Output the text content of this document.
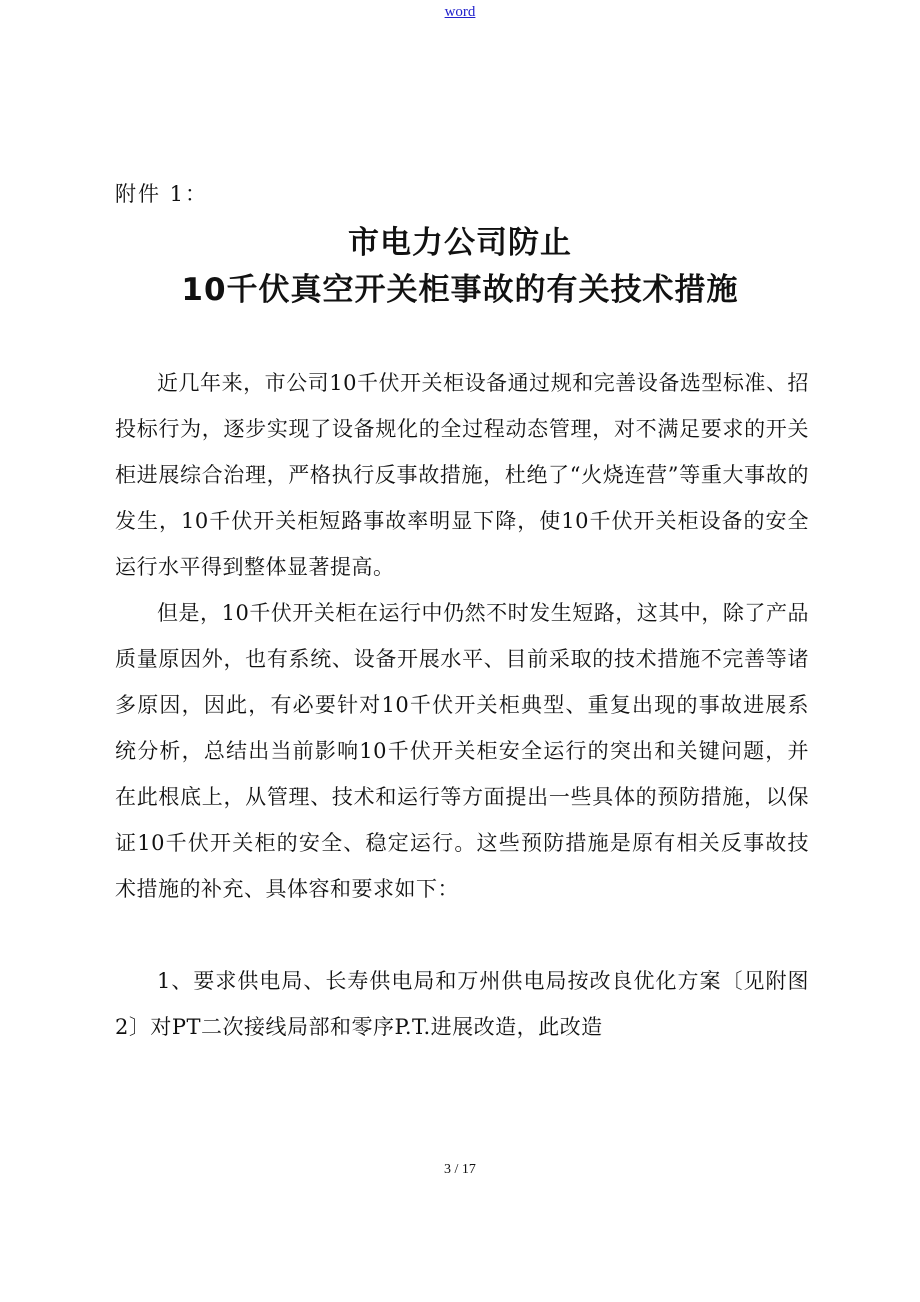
word
附件 1：
市电力公司防止
10千伏真空开关柜事故的有关技术措施

近几年来，市公司10千伏开关柜设备通过规和完善设备选型标准、招投标行为，逐步实现了设备规化的全过程动态管理，对不满足要求的开关柜进展综合治理，严格执行反事故措施，杜绝了“火烧连营”等重大事故的发生，10千伏开关柜短路事故率明显下降，使10千伏开关柜设备的安全运行水平得到整体显著提高。

但是，10千伏开关柜在运行中仍然不时发生短路，这其中，除了产品质量原因外，也有系统、设备开展水平、目前采取的技术措施不完善等诸多原因，因此，有必要针对10千伏开关柜典型、重复出现的事故进展系统分析，总结出当前影响10千伏开关柜安全运行的突出和关键问题，并在此根底上，从管理、技术和运行等方面提出一些具体的预防措施，以保证10千伏开关柜的安全、稳定运行。这些预防措施是原有相关反事故技术措施的补充、具体容和要求如下：

1、要求供电局、长寿供电局和万州供电局按改良优化方案〔见附图2〕对PT二次接线局部和零序P.T.进展改造，此改造

3 / 17
